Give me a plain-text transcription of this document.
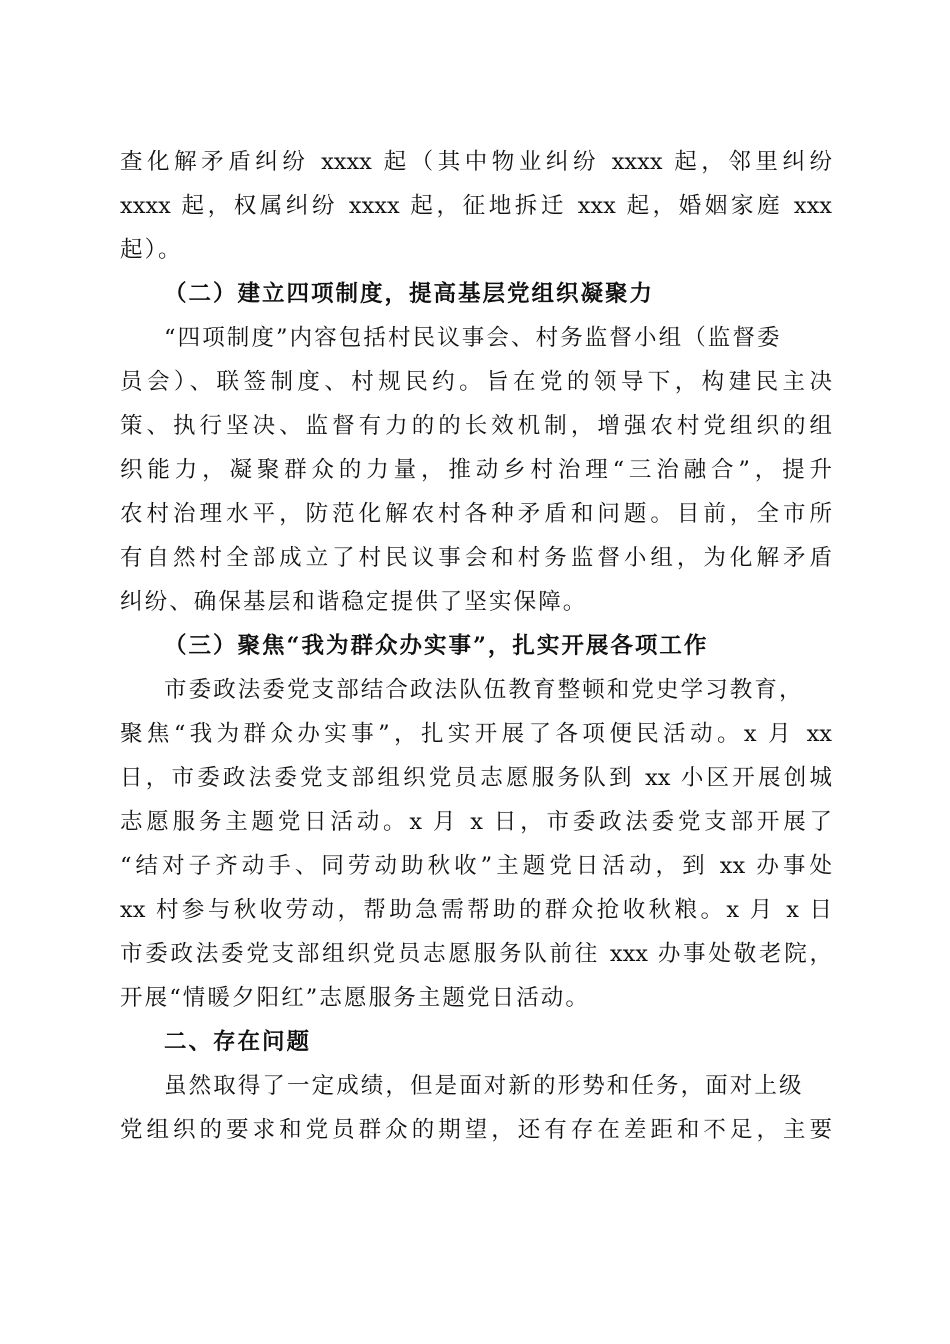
查化解矛盾纠纷 xxxx 起（其中物业纠纷 xxxx 起，邻里纠纷
xxxx 起，权属纠纷 xxxx 起，征地拆迁 xxx 起，婚姻家庭 xxx
起）。
（二）建立四项制度，提高基层党组织凝聚力
“四项制度”内容包括村民议事会、村务监督小组（监督委
员会）、联签制度、村规民约。旨在党的领导下，构建民主决
策、执行坚决、监督有力的的长效机制，增强农村党组织的组
织能力，凝聚群众的力量，推动乡村治理“三治融合”，提升
农村治理水平，防范化解农村各种矛盾和问题。目前，全市所
有自然村全部成立了村民议事会和村务监督小组，为化解矛盾
纠纷、确保基层和谐稳定提供了坚实保障。
（三）聚焦“我为群众办实事”，扎实开展各项工作
市委政法委党支部结合政法队伍教育整顿和党史学习教育，
聚焦“我为群众办实事”，扎实开展了各项便民活动。x 月 xx
日，市委政法委党支部组织党员志愿服务队到 xx 小区开展创城
志愿服务主题党日活动。x 月 x 日，市委政法委党支部开展了
“结对子齐动手、同劳动助秋收”主题党日活动，到 xx 办事处
xx 村参与秋收劳动，帮助急需帮助的群众抢收秋粮。x 月 x 日
市委政法委党支部组织党员志愿服务队前往 xxx 办事处敬老院，
开展“情暖夕阳红”志愿服务主题党日活动。
二、存在问题
虽然取得了一定成绩，但是面对新的形势和任务，面对上级
党组织的要求和党员群众的期望，还有存在差距和不足，主要
